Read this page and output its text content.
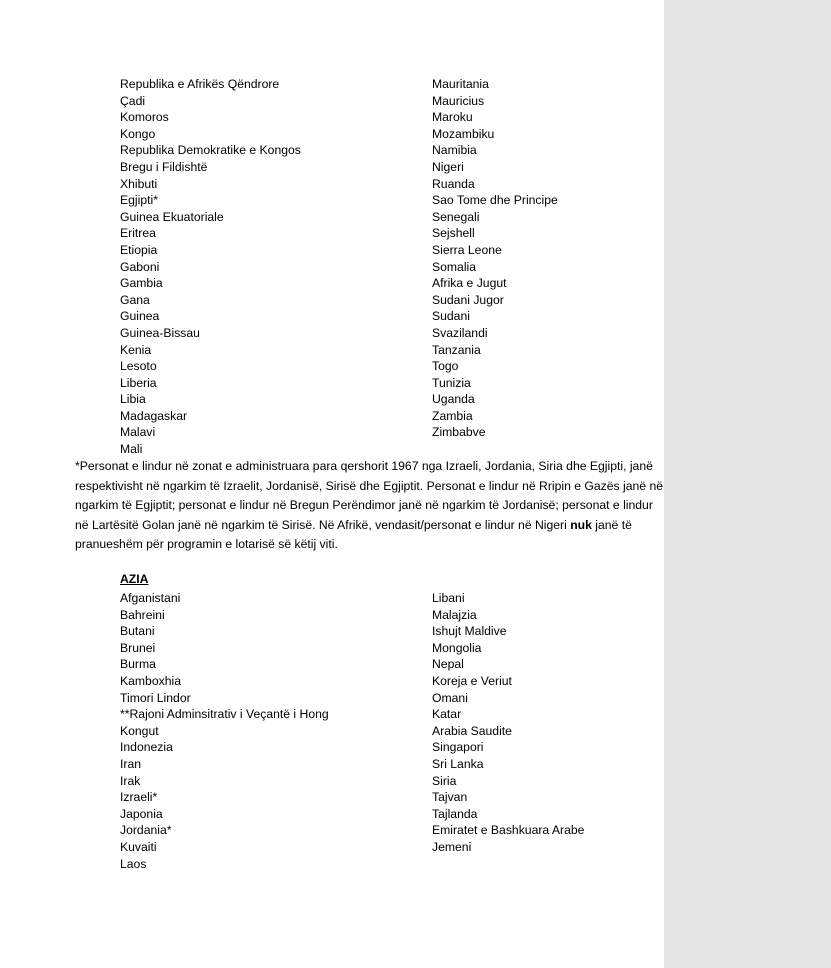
Republika e Afrikës Qëndrore
Çadi
Komoros
Kongo
Republika Demokratike e Kongos
Bregu i Fildishtë
Xhibuti
Egjipti*
Guinea Ekuatoriale
Eritrea
Etiopia
Gaboni
Gambia
Gana
Guinea
Guinea-Bissau
Kenia
Lesoto
Liberia
Libia
Madagaskar
Malavi
Mali
Mauritania
Mauricius
Maroku
Mozambiku
Namibia
Nigeri
Ruanda
Sao Tome dhe Principe
Senegali
Sejshell
Sierra Leone
Somalia
Afrika e Jugut
Sudani Jugor
Sudani
Svazilandi
Tanzania
Togo
Tunizia
Uganda
Zambia
Zimbabve
*Personat e lindur në zonat e administruara para qershorit 1967 nga Izraeli, Jordania, Siria dhe Egjipti, janë respektivisht në ngarkim të Izraelit, Jordanisë, Sirisë dhe Egjiptit. Personat e lindur në Rripin e Gazës janë në ngarkim të Egjiptit; personat e lindur në Bregun Perëndimor janë në ngarkim të Jordanisë; personat e lindur në Lartësitë Golan janë në ngarkim të Sirisë. Në Afrikë, vendasit/personat e lindur në Nigeri nuk janë të pranueshëm për programin e lotarisë së këtij viti.
AZIA
Afganistani
Bahreini
Butani
Brunei
Burma
Kamboxhia
Timori Lindor
**Rajoni Adminsitrativ i Veçantë i Hong
Kongut
Indonezia
Iran
Irak
Izraeli*
Japonia
Jordania*
Kuvaiti
Laos
Libani
Malajzia
Ishujt Maldive
Mongolia
Nepal
Koreja e Veriut
Omani
Katar
Arabia Saudite
Singapori
Sri Lanka
Siria
Tajvan
Tajlanda
Emiratet e Bashkuara Arabe
Jemeni
